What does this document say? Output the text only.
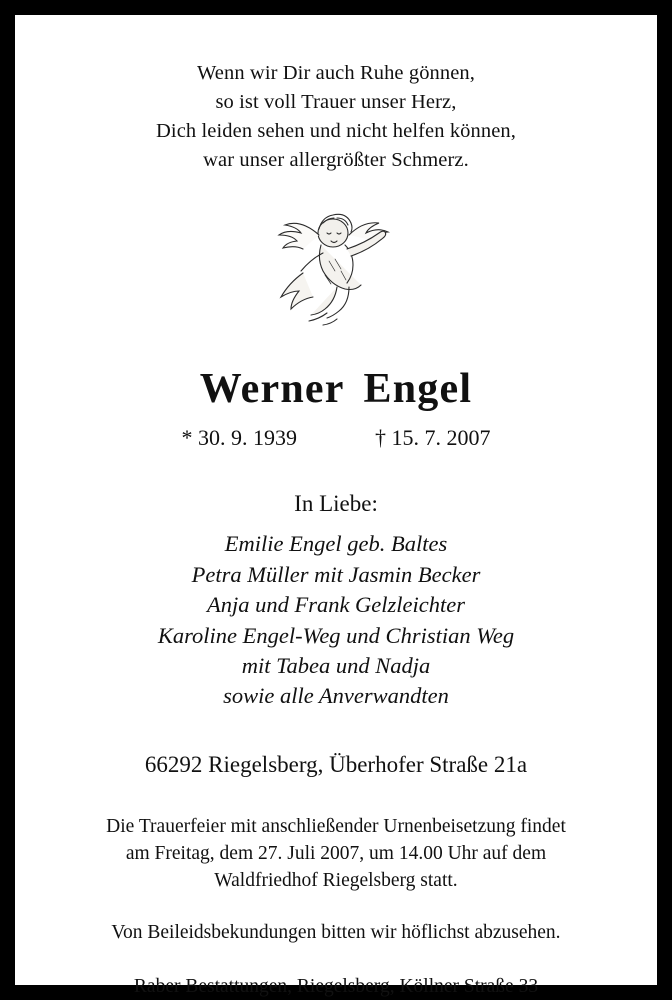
Wenn wir Dir auch Ruhe gönnen,
so ist voll Trauer unser Herz,
Dich leiden sehen und nicht helfen können,
war unser allergrößter Schmerz.
Werner Engel
* 30. 9. 1939	† 15. 7. 2007
In Liebe:
Emilie Engel geb. Baltes
Petra Müller mit Jasmin Becker
Anja und Frank Gelzleichter
Karoline Engel-Weg und Christian Weg
mit Tabea und Nadja
sowie alle Anverwandten
66292 Riegelsberg, Überhofer Straße 21a
Die Trauerfeier mit anschließender Urnenbeisetzung findet
am Freitag, dem 27. Juli 2007, um 14.00 Uhr auf dem
Waldfriedhof Riegelsberg statt.
Von Beileidsbekundungen bitten wir höflichst abzusehen.
Raber Bestattungen, Riegelsberg, Köllner Straße 33
